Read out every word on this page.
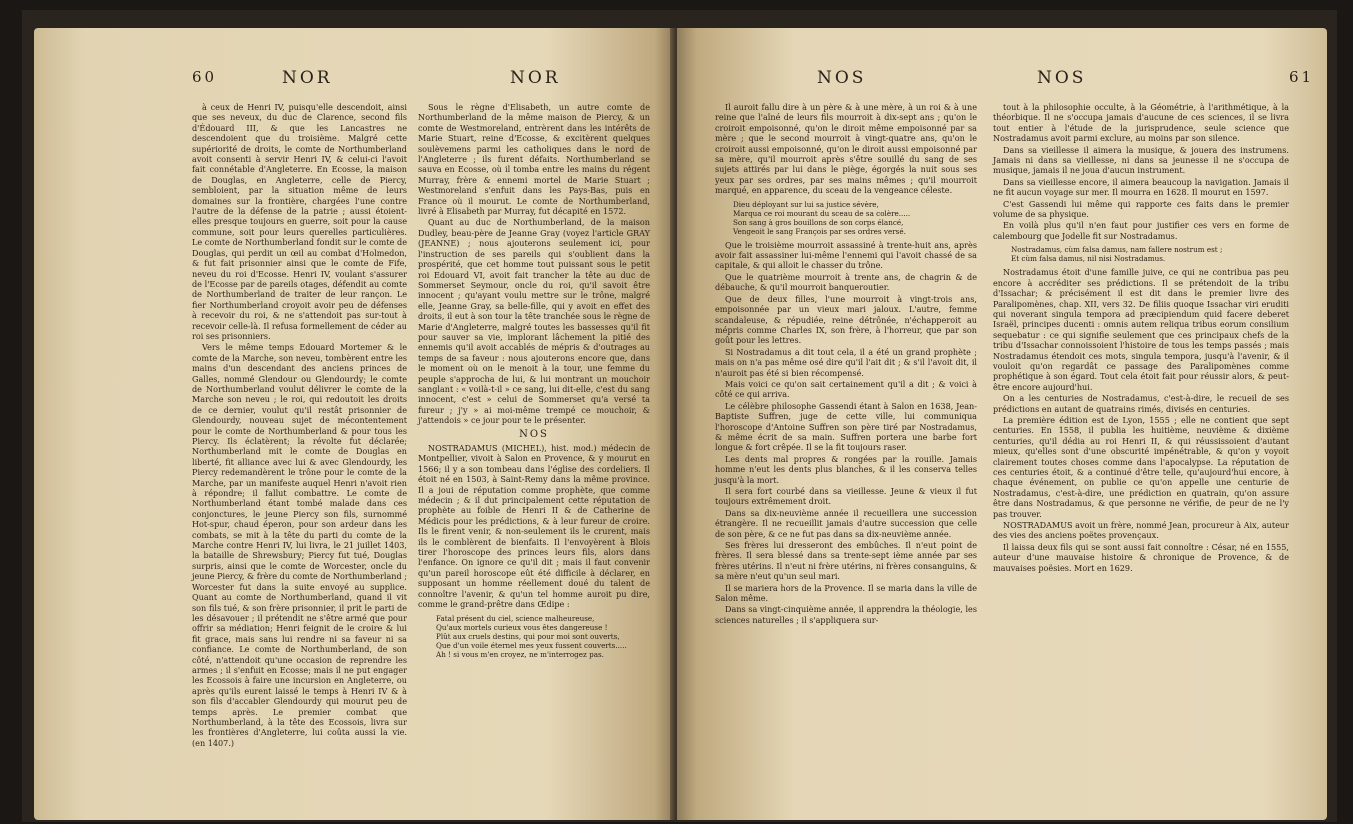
60	NOR	NOR

à ceux de Henri IV, puisqu'elle descendoit, ainsi que ses neveux, du duc de Clarence, second fils d'Édouard III, & que les Lancastres ne descendoient que du troisième. Malgré cette supériorité de droits, le comte de Northumberland avoit consenti à servir Henri IV, & celui-ci l'avoit fait connétable d'Angleterre. En Ecosse, la maison de Douglas, en Angleterre, celle de Piercy, sembloient, par la situation même de leurs domaines sur la frontière, chargées l'une contre l'autre de la défense de la patrie ; aussi étoient-elles presque toujours en guerre, soit pour la cause commune, soit pour leurs querelles particulières. Le comte de Northumberland fondit sur le comte de Douglas, qui perdit un œil au combat d'Holmedon, & fut fait prisonnier ainsi que le comte de Fife, neveu du roi d'Ecosse. Henri IV, voulant s'assurer de l'Ecosse par de pareils otages, défendit au comte de Northumberland de traiter de leur rançon. Le fier Northumberland croyoit avoir peu de défenses à recevoir du roi, & ne s'attendoit pas sur-tout à recevoir celle-là. Il refusa formellement de céder au roi ses prisonniers.

Vers le même temps Edouard Mortemer & le comte de la Marche, son neveu, tombèrent entre les mains d'un descendant des anciens princes de Galles, nommé Glendour ou Glendourdy; le comte de Northumberland voulut délivrer le comte de la Marche son neveu ; le roi, qui redoutoit les droits de ce dernier, voulut qu'il restât prisonnier de Glendourdy, nouveau sujet de mécontentement pour le comte de Northumberland & pour tous les Piercy. Ils éclatèrent; la révolte fut déclarée; Northumberland mit le comte de Douglas en liberté, fit alliance avec lui & avec Glendourdy, les Piercy redemandèrent le trône pour le comte de la Marche, par un manifeste auquel Henri n'avoit rien à répondre; il fallut combattre. Le comte de Northumberland étant tombé malade dans ces conjonctures, le jeune Piercy son fils, surnommé Hot-spur, chaud éperon, pour son ardeur dans les combats, se mit à la tête du parti du comte de la Marche contre Henri IV, lui livra, le 21 juillet 1403, la bataille de Shrewsbury; Piercy fut tué, Douglas surpris, ainsi que le comte de Worcester, oncle du jeune Piercy, & frère du comte de Northumberland ; Worcester fut dans la suite envoyé au supplice. Quant au comte de Northumberland, quand il vit son fils tué, & son frère prisonnier, il prit le parti de les désavouer ; il prétendit ne s'être armé que pour offrir sa médiation; Henri feignit de le croire & lui fit grace, mais sans lui rendre ni sa faveur ni sa confiance. Le comte de Northumberland, de son côté, n'attendoit qu'une occasion de reprendre les armes ; il s'enfuit en Ecosse; mais il ne put engager les Ecossois à faire une incursion en Angleterre, ou après qu'ils eurent laissé le temps à Henri IV & à son fils d'accabler Glendourdy qui mourut peu de temps après. Le premier combat que Northumberland, à la tête des Ecossois, livra sur les frontières d'Angleterre, lui coûta aussi la vie. (en 1407.)

Sous le règne d'Elisabeth, un autre comte de Northumberland de la même maison de Piercy, & un comte de Westmoreland, entrèrent dans les intérêts de Marie Stuart, reine d'Ecosse, & excitèrent quelques soulèvemens parmi les catholiques dans le nord de l'Angleterre ; ils furent défaits. Northumberland se sauva en Ecosse, où il tomba entre les mains du régent Murray, frère & ennemi mortel de Marie Stuart ; Westmoreland s'enfuit dans les Pays-Bas, puis en France où il mourut. Le comte de Northumberland, livré à Elisabeth par Murray, fut décapité en 1572.

Quant au duc de Northumberland, de la maison Dudley, beau-père de Jeanne Gray (voyez l'article GRAY (JEANNE) ; nous ajouterons seulement ici, pour l'instruction de ses pareils qui s'oublient dans la prospérité, que cet homme tout puissant sous le petit roi Edouard VI, avoit fait trancher la tête au duc de Sommerset Seymour, oncle du roi, qu'il savoit être innocent ; qu'ayant voulu mettre sur le trône, malgré elle, Jeanne Gray, sa belle-fille, qui y avoit en effet des droits, il eut à son tour la tête tranchée sous le règne de Marie d'Angleterre, malgré toutes les bassesses qu'il fit pour sauver sa vie, implorant lâchement la pitié des ennemis qu'il avoit accablés de mépris & d'outrages au temps de sa faveur : nous ajouterons encore que, dans le moment où on le menoit à la tour, une femme du peuple s'approcha de lui, & lui montrant un mouchoir sanglant : « voilà-t-il » ce sang, lui dit-elle, c'est du sang innocent, c'est » celui de Sommerset qu'a versé ta fureur ; j'y » ai moi-même trempé ce mouchoir, & j'attendois » ce jour pour te le présenter.

NOS

NOSTRADAMUS (MICHEL), hist. mod.) médecin de Montpellier, vivoit à Salon en Provence, & y mourut en 1566; il y a son tombeau dans l'église des cordeliers. Il étoit né en 1503, à Saint-Remy dans la même province. Il a joui de réputation comme prophète, que comme médecin ; & il dut principalement cette réputation de prophète au foible de Henri II & de Catherine de Médicis pour les prédictions, & à leur fureur de croire. Ils le firent venir, & non-seulement ils le crurent, mais ils le comblèrent de bienfaits. Il l'envoyèrent à Blois tirer l'horoscope des princes leurs fils, alors dans l'enfance. On ignore ce qu'il dit ; mais il faut convenir qu'un pareil horoscope eût été difficile à déclarer, en supposant un homme réellement doué du talent de connoître l'avenir, & qu'un tel homme auroit pu dire, comme le grand-prêtre dans Œdipe :

Fatal présent du ciel, science malheureuse,
Qu'aux mortels curieux vous êtes dangereuse !
Plût aux cruels destins, qui pour moi sont ouverts,
Que d'un voile éternel mes yeux fussent couverts.....
Ah ! si vous m'en croyez, ne m'interrogez pas.
NOS	NOS	61

Il auroit fallu dire à un père & à une mère, à un roi & à une reine que l'aîné de leurs fils mourroit à dix-sept ans ; qu'on le croiroit empoisonné, qu'on le diroit même empoisonné par sa mère ; que le second mourroit à vingt-quatre ans, qu'on le croiroit aussi empoisonné, qu'on le diroit aussi empoisonné par sa mère, qu'il mourroit après s'être souillé du sang de ses sujets attirés par lui dans le piège, égorgés la nuit sous ses yeux par ses ordres, par ses mains mêmes ; qu'il mourroit marqué, en apparence, du sceau de la vengeance céleste.

Dieu déployant sur lui sa justice sévère,
Marqua ce roi mourant du sceau de sa colère.....
Son sang à gros bouillons de son corps élancé,
Vengeoit le sang François par ses ordres versé.

Que le troisième mourroit assassiné à trente-huit ans, après avoir fait assassiner lui-même l'ennemi qui l'avoit chassé de sa capitale, & qui alloit le chasser du trône.

Que le quatrième mourroit à trente ans, de chagrin & de débauche, & qu'il mourroit banqueroutier.

Que de deux filles, l'une mourroit à vingt-trois ans, empoisonnée par un vieux mari jaloux. L'autre, femme scandaleuse, & répudiée, reine détrônée, n'échapperoit au mépris comme Charles IX, son frère, à l'horreur, que par son goût pour les lettres.

Si Nostradamus a dit tout cela, il a été un grand prophète ; mais on n'a pas même osé dire qu'il l'ait dit ; & s'il l'avoit dit, il n'auroit pas été si bien récompensé.

Mais voici ce qu'on sait certainement qu'il a dit ; & voici à côté ce qui arriva.

Le célèbre philosophe Gassendi étant à Salon en 1638, Jean-Baptiste Suffren, juge de cette ville, lui communiqua l'horoscope d'Antoine Suffren son père tiré par Nostradamus, & même écrit de sa main. Suffren portera une barbe fort longue & fort crêpée. Il se la fit toujours raser.

Les dents mal propres & rongées par la rouille. Jamais homme n'eut les dents plus blanches, & il les conserva telles jusqu'à la mort.

Il sera fort courbé dans sa vieillesse. Jeune & vieux il fut toujours extrêmement droit.

Dans sa dix-neuvième année il recueillera une succession étrangère. Il ne recueillit jamais d'autre succession que celle de son père, & ce ne fut pas dans sa dix-neuvième année.

Ses frères lui dresseront des embûches. Il n'eut point de frères. Il sera blessé dans sa trente-sept ième année par ses frères utérins. Il n'eut ni frère utérins, ni frères consanguins, & sa mère n'eut qu'un seul mari.

Il se mariera hors de la Provence. Il se maria dans la ville de Salon même.

Dans sa vingt-cinquième année, il apprendra la théologie, les sciences naturelles ; il s'appliquera sur-

tout à la philosophie occulte, à la Géométrie, à l'arithmétique, à la théorbique. Il ne s'occupa jamais d'aucune de ces sciences, il se livra tout entier à l'étude de la jurisprudence, seule science que Nostradamus avoit parmi exclure, au moins par son silence.

Dans sa vieillesse il aimera la musique, & jouera des instrumens. Jamais ni dans sa vieillesse, ni dans sa jeunesse il ne s'occupa de musique, jamais il ne joua d'aucun instrument.

Dans sa vieillesse encore, il aimera beaucoup la navigation. Jamais il ne fit aucun voyage sur mer. Il mourra en 1628. Il mourut en 1597.

C'est Gassendi lui même qui rapporte ces faits dans le premier volume de sa physique.

En voilà plus qu'il n'en faut pour justifier ces vers en forme de calembourg que Jodelle fit sur Nostradamus.

Nostradamus, cùm falsa damus, nam fallere nostrum est ;
Et cùm falsa damus, nil nisi Nostradamus.

Nostradamus étoit d'une famille juive, ce qui ne contribua pas peu encore à accréditer ses prédictions. Il se prétendoit de la tribu d'Issachar; & précisément il est dit dans le premier livre des Paralipomènes, chap. XII, vers 32. De filiis quoque Issachar viri eruditi qui noverant singula tempora ad præcipiendum quid facere deberet Israël, principes ducenti : omnis autem reliqua tribus eorum consilium sequebatur : ce qui signifie seulement que ces principaux chefs de la tribu d'Issachar connoissoient l'histoire de tous les temps passés ; mais Nostradamus étendoit ces mots, singula tempora, jusqu'à l'avenir, & il vouloit qu'on regardât ce passage des Paralipomènes comme prophétique à son égard. Tout cela étoit fait pour réussir alors, & peut-être encore aujourd'hui.

On a les centuries de Nostradamus, c'est-à-dire, le recueil de ses prédictions en autant de quatrains rimés, divisés en centuries.

La première édition est de Lyon, 1555 ; elle ne contient que sept centuries. En 1558, il publia les huitième, neuvième & dixième centuries, qu'il dédia au roi Henri II, & qui réussissoient d'autant mieux, qu'elles sont d'une obscurité impénétrable, & qu'on y voyoit clairement toutes choses comme dans l'apocalypse. La réputation de ces centuries étoit, & a continué d'être telle, qu'aujourd'hui encore, à chaque événement, on publie ce qu'on appelle une centurie de Nostradamus, c'est-à-dire, une prédiction en quatrain, qu'on assure être dans Nostradamus, & que personne ne vérifie, de peur de ne l'y pas trouver.

NOSTRADAMUS avoit un frère, nommé Jean, procureur à Aix, auteur des vies des anciens poëtes provençaux.

Il laissa deux fils qui se sont aussi fait connoître : César, né en 1555, auteur d'une mauvaise histoire & chronique de Provence, & de mauvaises poësies. Mort en 1629.
